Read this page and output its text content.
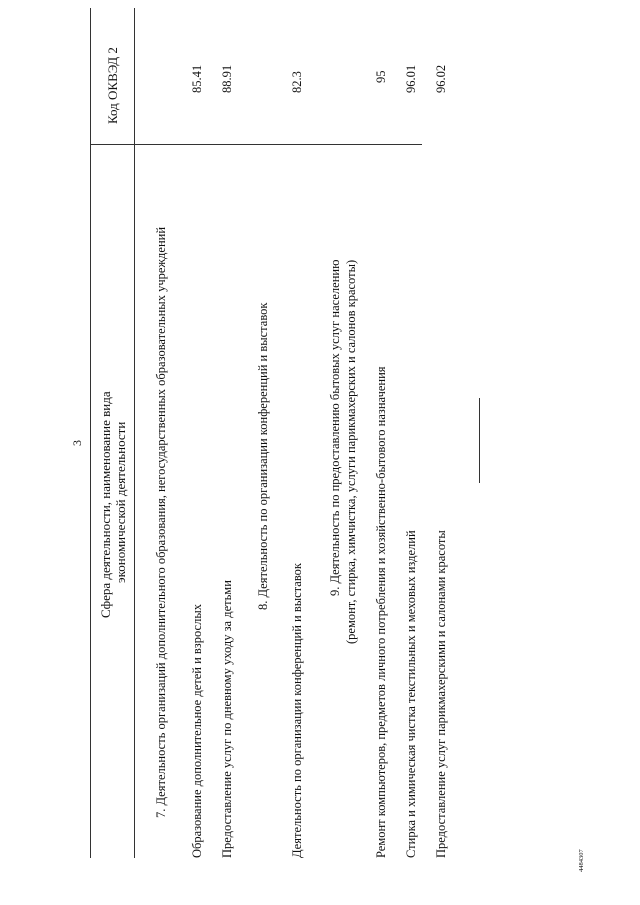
3 Сфера деятельности, наименование вида экономической деятельности
Код ОКВЭД 2
7. Деятельность организаций дополнительного образования, негосударственных образовательных учреждений Образование дополнительное детей и взрослых
85.41
Предоставление услуг по дневному уходу за детьми
88.91
8. Деятельность по организации конференций и выставок
Деятельность по организации конференций и выставок
82.3
9. Деятельность по предоставлению бытовых услуг населению (ремонт, стирка, химчистка, услуги парикмахерских и салонов красоты) Ремонт компьютеров, предметов личного потребления и хозяйственно-бытового назначения
95
Стирка и химическая чистка текстильных и меховых изделий
96.01
Предоставление услуг парикмахерскими и салонами красоты
96.02
4484307
